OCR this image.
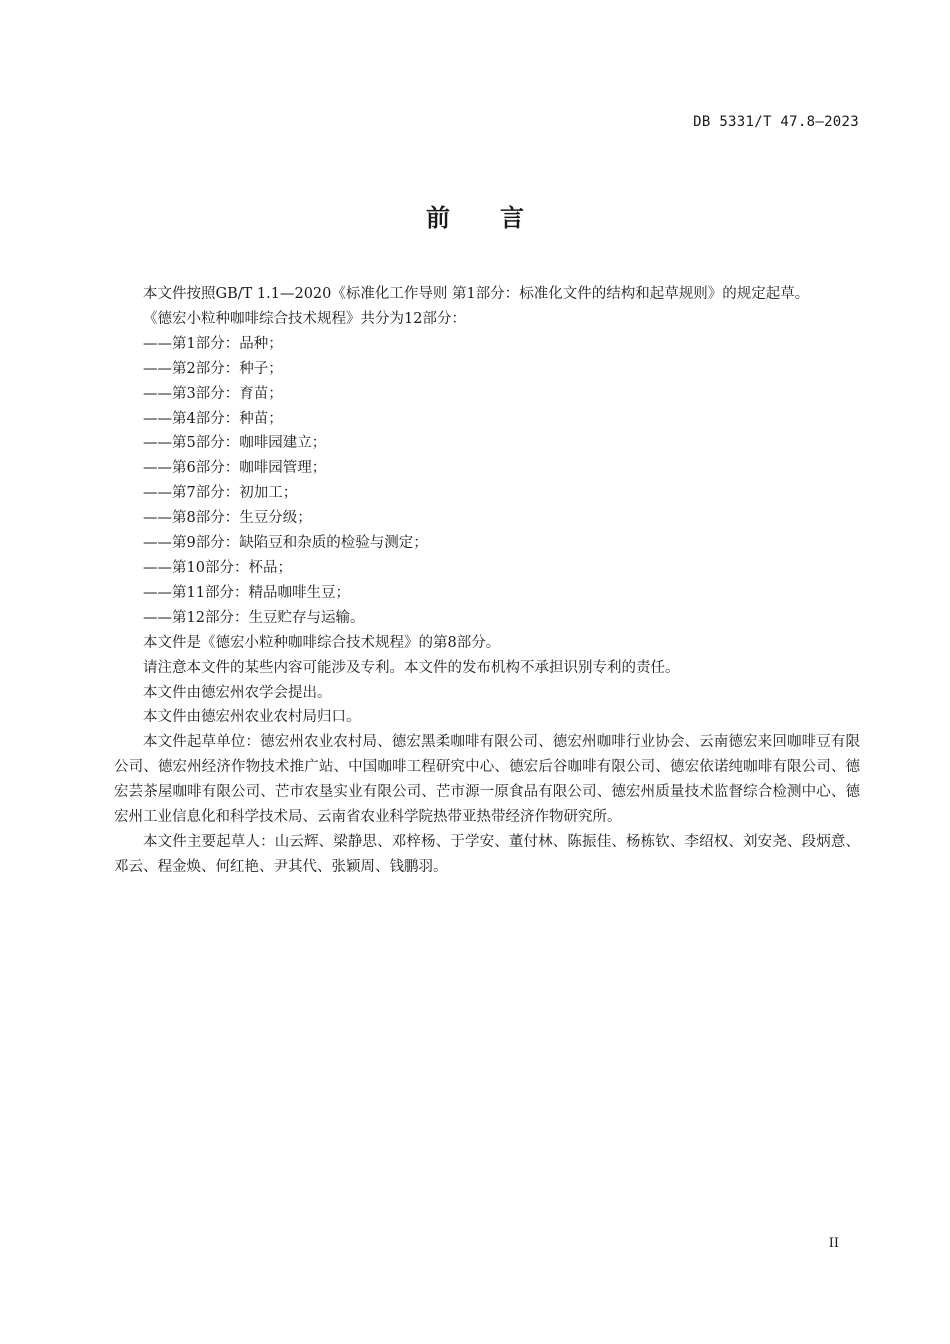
DB 5331/T 47.8—2023
前言

本文件按照GB/T 1.1—2020《标准化工作导则 第1部分：标准化文件的结构和起草规则》的规定起草。

《德宏小粒种咖啡综合技术规程》共分为12部分：

——第1部分：品种；
——第2部分：种子；
——第3部分：育苗；
——第4部分：种苗；
——第5部分：咖啡园建立；
——第6部分：咖啡园管理；
——第7部分：初加工；
——第8部分：生豆分级；
——第9部分：缺陷豆和杂质的检验与测定；
——第10部分：杯品；
——第11部分：精品咖啡生豆；
——第12部分：生豆贮存与运输。

本文件是《德宏小粒种咖啡综合技术规程》的第8部分。

请注意本文件的某些内容可能涉及专利。本文件的发布机构不承担识别专利的责任。

本文件由德宏州农学会提出。

本文件由德宏州农业农村局归口。

本文件起草单位：德宏州农业农村局、德宏黑柔咖啡有限公司、德宏州咖啡行业协会、云南德宏来回咖啡豆有限公司、德宏州经济作物技术推广站、中国咖啡工程研究中心、德宏后谷咖啡有限公司、德宏依诺纯咖啡有限公司、德宏芸茶屋咖啡有限公司、芒市农垦实业有限公司、芒市源一原食品有限公司、德宏州质量技术监督综合检测中心、德宏州工业信息化和科学技术局、云南省农业科学院热带亚热带经济作物研究所。

本文件主要起草人：山云辉、梁静思、邓梓杨、于学安、董付林、陈振佳、杨栋钦、李绍权、刘安尧、段炳意、邓云、程金焕、何红艳、尹其代、张颖周、钱鹏羽。

II
